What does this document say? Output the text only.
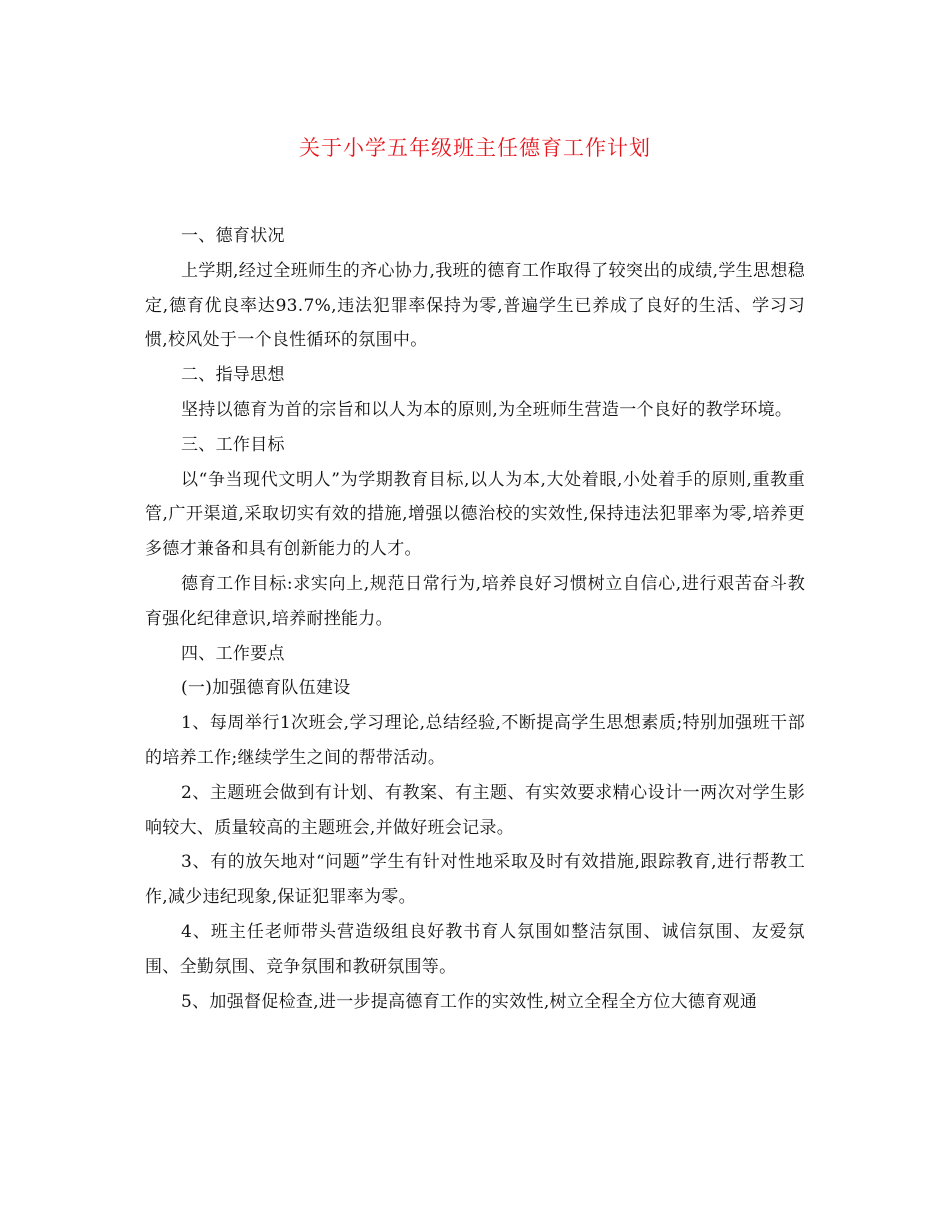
关于小学五年级班主任德育工作计划

一、德育状况

上学期,经过全班师生的齐心协力,我班的德育工作取得了较突出的成绩,学生思想稳定,德育优良率达93.7%,违法犯罪率保持为零,普遍学生已养成了良好的生活、学习习惯,校风处于一个良性循环的氛围中。

二、指导思想

坚持以德育为首的宗旨和以人为本的原则,为全班师生营造一个良好的教学环境。

三、工作目标

以“争当现代文明人”为学期教育目标,以人为本,大处着眼,小处着手的原则,重教重管,广开渠道,采取切实有效的措施,增强以德治校的实效性,保持违法犯罪率为零,培养更多德才兼备和具有创新能力的人才。

德育工作目标:求实向上,规范日常行为,培养良好习惯树立自信心,进行艰苦奋斗教育强化纪律意识,培养耐挫能力。

四、工作要点

(一)加强德育队伍建设

1、每周举行1次班会,学习理论,总结经验,不断提高学生思想素质;特别加强班干部的培养工作;继续学生之间的帮带活动。

2、主题班会做到有计划、有教案、有主题、有实效要求精心设计一两次对学生影响较大、质量较高的主题班会,并做好班会记录。

3、有的放矢地对“问题”学生有针对性地采取及时有效措施,跟踪教育,进行帮教工作,减少违纪现象,保证犯罪率为零。

4、班主任老师带头营造级组良好教书育人氛围如整洁氛围、诚信氛围、友爱氛围、全勤氛围、竞争氛围和教研氛围等。

5、加强督促检查,进一步提高德育工作的实效性,树立全程全方位大德育观通
